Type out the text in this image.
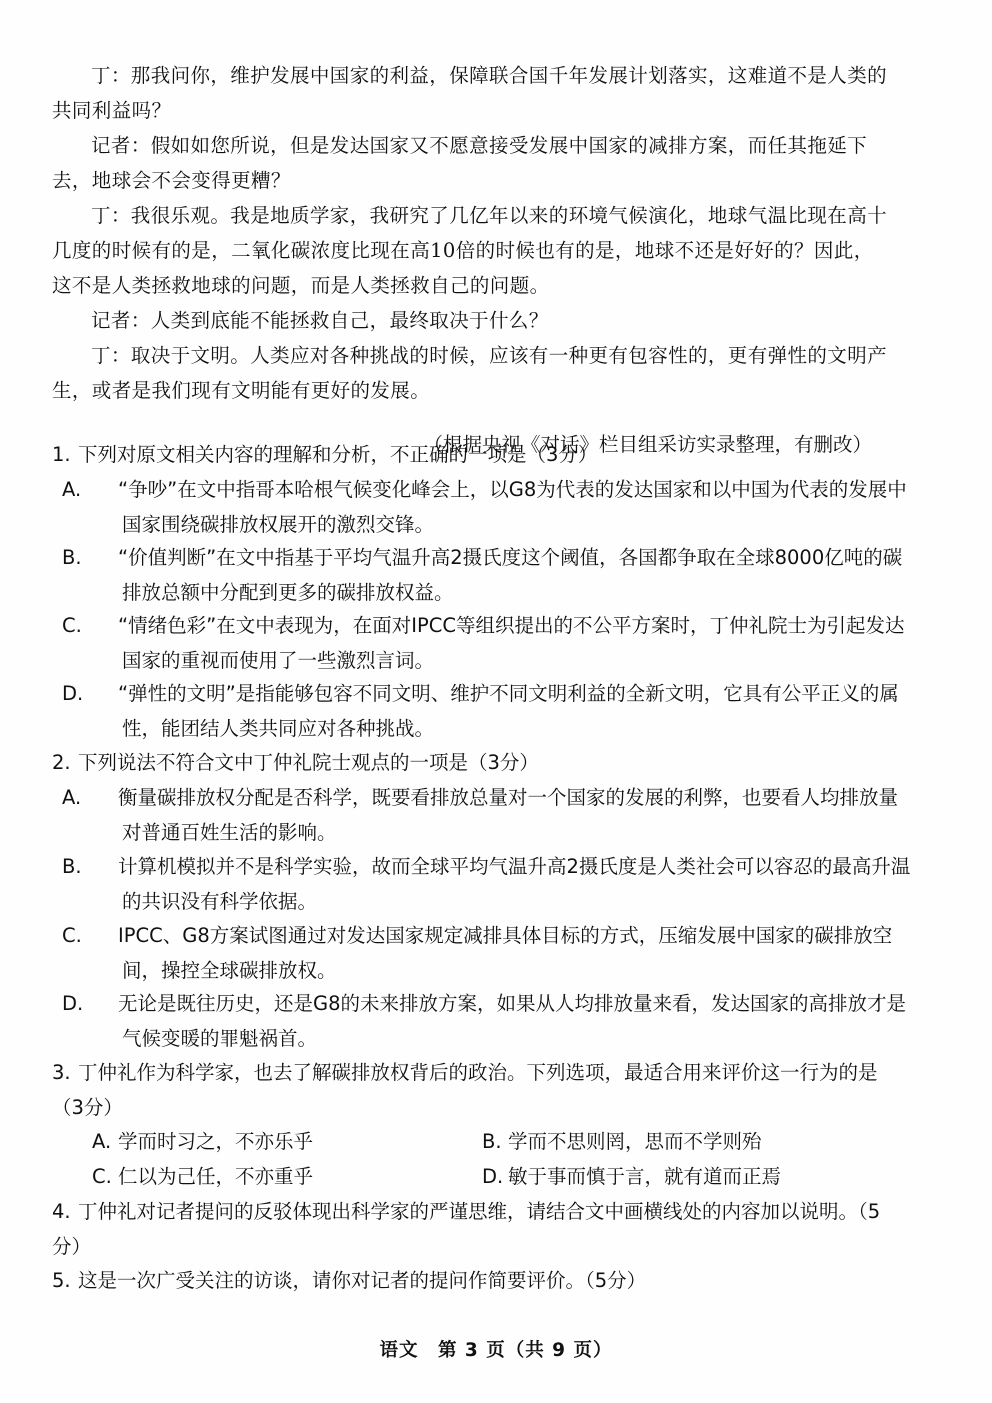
丁：那我问你，维护发展中国家的利益，保障联合国千年发展计划落实，这难道不是人类的共同利益吗？

记者：假如如您所说，但是发达国家又不愿意接受发展中国家的减排方案，而任其拖延下去，地球会不会变得更糟？

丁：我很乐观。我是地质学家，我研究了几亿年以来的环境气候演化，地球气温比现在高十几度的时候有的是，二氧化碳浓度比现在高10倍的时候也有的是，地球不还是好好的？因此，这不是人类拯救地球的问题，而是人类拯救自己的问题。

记者：人类到底能不能拯救自己，最终取决于什么？

丁：取决于文明。人类应对各种挑战的时候，应该有一种更有包容性的，更有弹性的文明产生，或者是我们现有文明能有更好的发展。

（根据央视《对话》栏目组采访实录整理，有删改）

1. 下列对原文相关内容的理解和分析，不正确的一项是（3分）

A. “争吵”在文中指哥本哈根气候变化峰会上，以G8为代表的发达国家和以中国为代表的发展中国家围绕碳排放权展开的激烈交锋。

B. “价值判断”在文中指基于平均气温升高2摄氏度这个阈值，各国都争取在全球8000亿吨的碳排放总额中分配到更多的碳排放权益。

C. “情绪色彩”在文中表现为，在面对IPCC等组织提出的不公平方案时，丁仲礼院士为引起发达国家的重视而使用了一些激烈言词。

D. “弹性的文明”是指能够包容不同文明、维护不同文明利益的全新文明，它具有公平正义的属性，能团结人类共同应对各种挑战。

2. 下列说法不符合文中丁仲礼院士观点的一项是（3分）

A. 衡量碳排放权分配是否科学，既要看排放总量对一个国家的发展的利弊，也要看人均排放量对普通百姓生活的影响。

B. 计算机模拟并不是科学实验，故而全球平均气温升高2摄氏度是人类社会可以容忍的最高升温的共识没有科学依据。

C. IPCC、G8方案试图通过对发达国家规定减排具体目标的方式，压缩发展中国家的碳排放空间，操控全球碳排放权。

D. 无论是既往历史，还是G8的未来排放方案，如果从人均排放量来看，发达国家的高排放才是气候变暖的罪魁祸首。

3. 丁仲礼作为科学家，也去了解碳排放权背后的政治。下列选项，最适合用来评价这一行为的是（3分）

A. 学而时习之，不亦乐乎	B. 学而不思则罔，思而不学则殆

C. 仁以为己任，不亦重乎	D. 敏于事而慎于言，就有道而正焉

4. 丁仲礼对记者提问的反驳体现出科学家的严谨思维，请结合文中画横线处的内容加以说明。（5分）

5. 这是一次广受关注的访谈，请你对记者的提问作简要评价。（5分）

语文　第 3 页（共 9 页）
